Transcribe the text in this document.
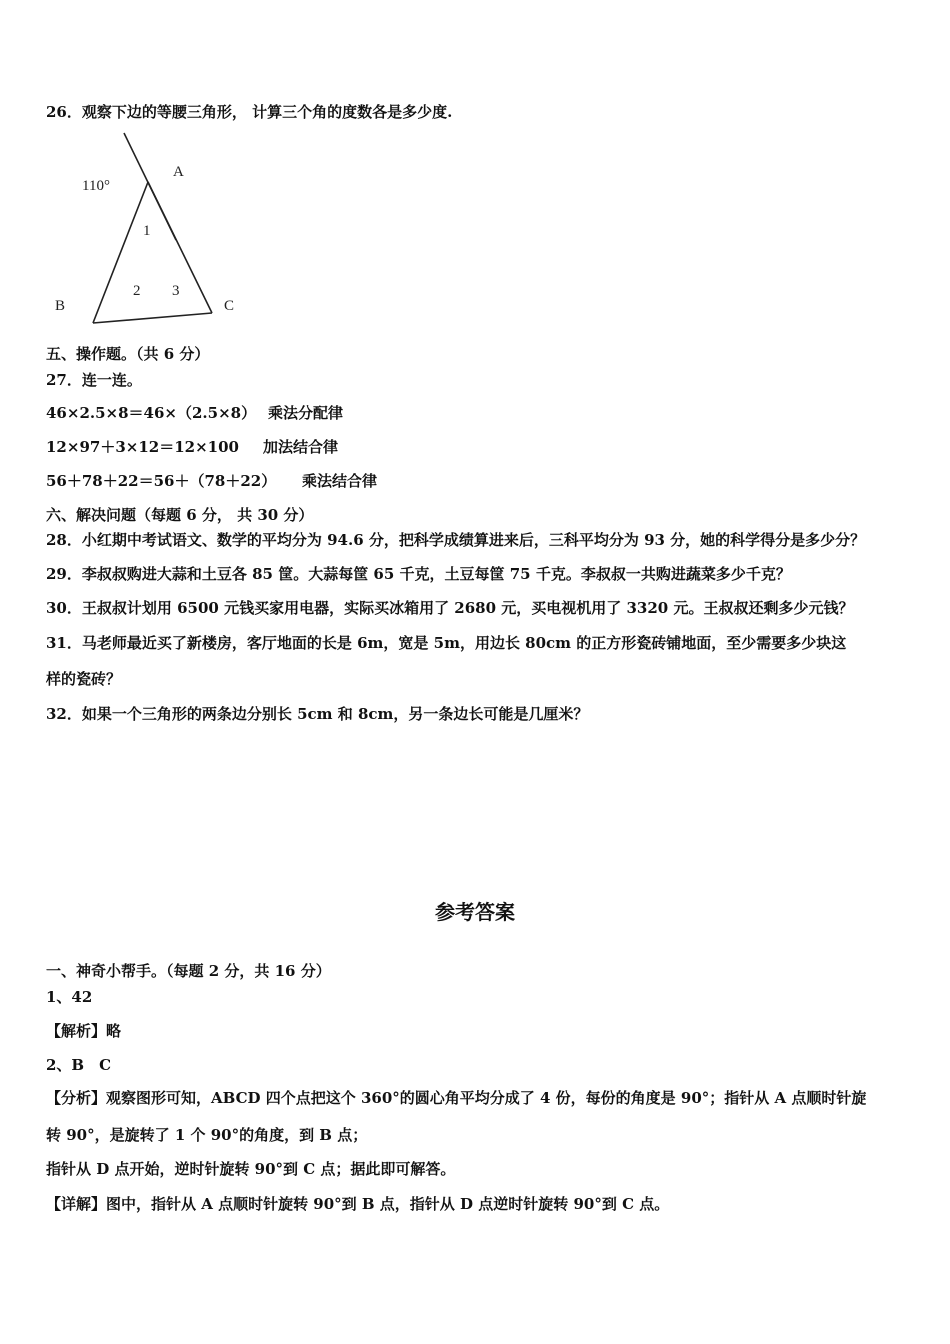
26．观察下边的等腰三角形， 计算三个角的度数各是多少度.
110°
A
B	C
1
2 3
五、操作题。（共 6 分）
27．连一连。
46×2.5×8＝46×（2.5×8） 乘法分配律
12×97＋3×12＝12×100 加法结合律
56＋78＋22＝56＋（78＋22） 乘法结合律
六、解决问题（每题 6 分， 共 30 分）
28．小红期中考试语文、数学的平均分为 94.6 分，把科学成绩算进来后，三科平均分为 93 分，她的科学得分是多少分？
29．李叔叔购进大蒜和土豆各 85 筐。大蒜每筐 65 千克，土豆每筐 75 千克。李叔叔一共购进蔬菜多少千克？
30．王叔叔计划用 6500 元钱买家用电器，实际买冰箱用了 2680 元，买电视机用了 3320 元。王叔叔还剩多少元钱？
31．马老师最近买了新楼房，客厅地面的长是 6m，宽是 5m，用边长 80cm 的正方形瓷砖铺地面，至少需要多少块这
样的瓷砖？
32．如果一个三角形的两条边分别长 5cm 和 8cm，另一条边长可能是几厘米？
参考答案
一、神奇小帮手。（每题 2 分，共 16 分）
1、42
【解析】略
2、B　C
【分析】观察图形可知，ABCD 四个点把这个 360°的圆心角平均分成了 4 份，每份的角度是 90°；指针从 A 点顺时针旋
转 90°，是旋转了 1 个 90°的角度，到 B 点；
指针从 D 点开始，逆时针旋转 90°到 C 点；据此即可解答。
【详解】图中，指针从 A 点顺时针旋转 90°到 B 点，指针从 D 点逆时针旋转 90°到 C 点。
